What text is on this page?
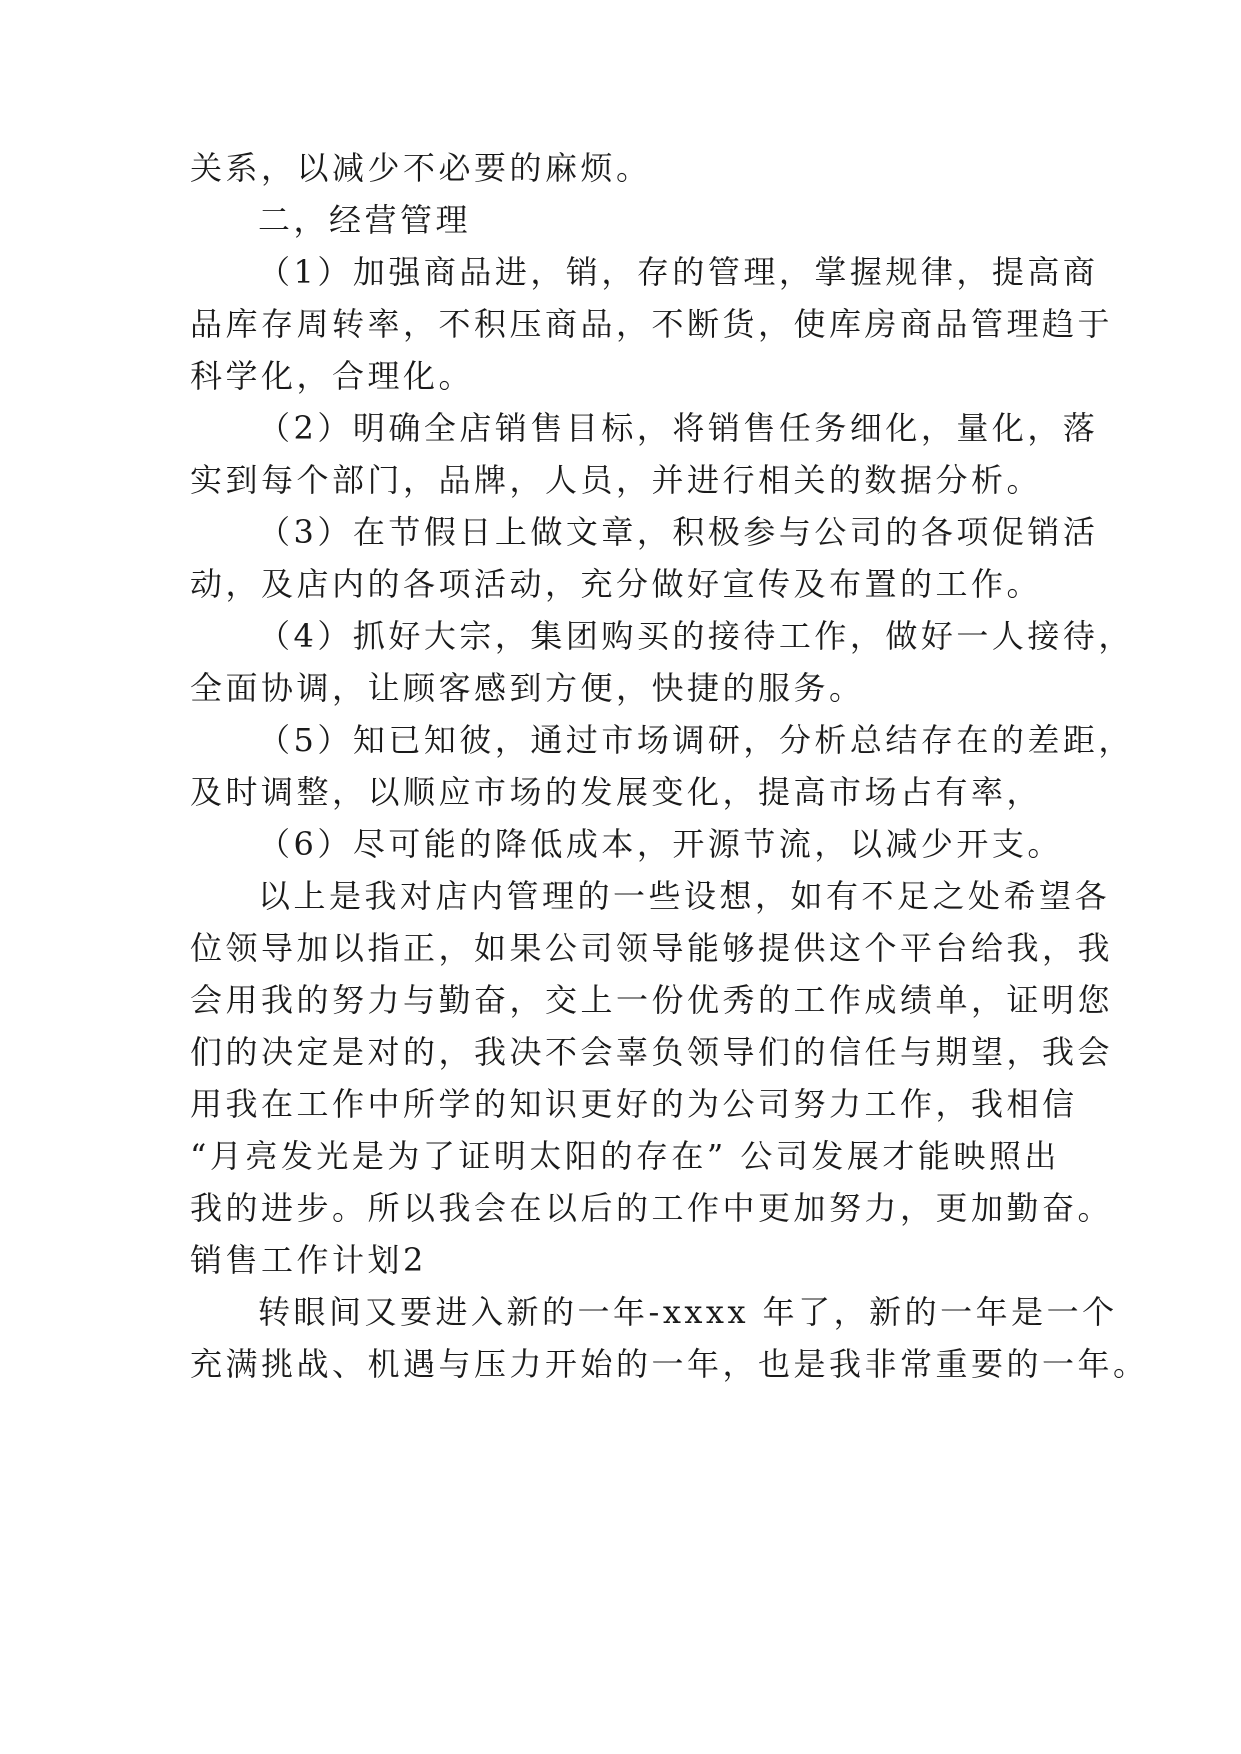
关系，以减少不必要的麻烦。
二，经营管理
（1）加强商品进，销，存的管理，掌握规律，提高商
品库存周转率，不积压商品，不断货，使库房商品管理趋于
科学化，合理化。
（2）明确全店销售目标，将销售任务细化，量化，落
实到每个部门，品牌，人员，并进行相关的数据分析。
（3）在节假日上做文章，积极参与公司的各项促销活
动，及店内的各项活动，充分做好宣传及布置的工作。
（4）抓好大宗，集团购买的接待工作，做好一人接待，
全面协调，让顾客感到方便，快捷的服务。
（5）知已知彼，通过市场调研，分析总结存在的差距，
及时调整，以顺应市场的发展变化，提高市场占有率，
（6）尽可能的降低成本，开源节流，以减少开支。
以上是我对店内管理的一些设想，如有不足之处希望各
位领导加以指正，如果公司领导能够提供这个平台给我，我
会用我的努力与勤奋，交上一份优秀的工作成绩单，证明您
们的决定是对的，我决不会辜负领导们的信任与期望，我会
用我在工作中所学的知识更好的为公司努力工作，我相信
“月亮发光是为了证明太阳的存在” 公司发展才能映照出
我的进步。所以我会在以后的工作中更加努力，更加勤奋。
销售工作计划2
转眼间又要进入新的一年-xxxx 年了，新的一年是一个
充满挑战、机遇与压力开始的一年，也是我非常重要的一年。
